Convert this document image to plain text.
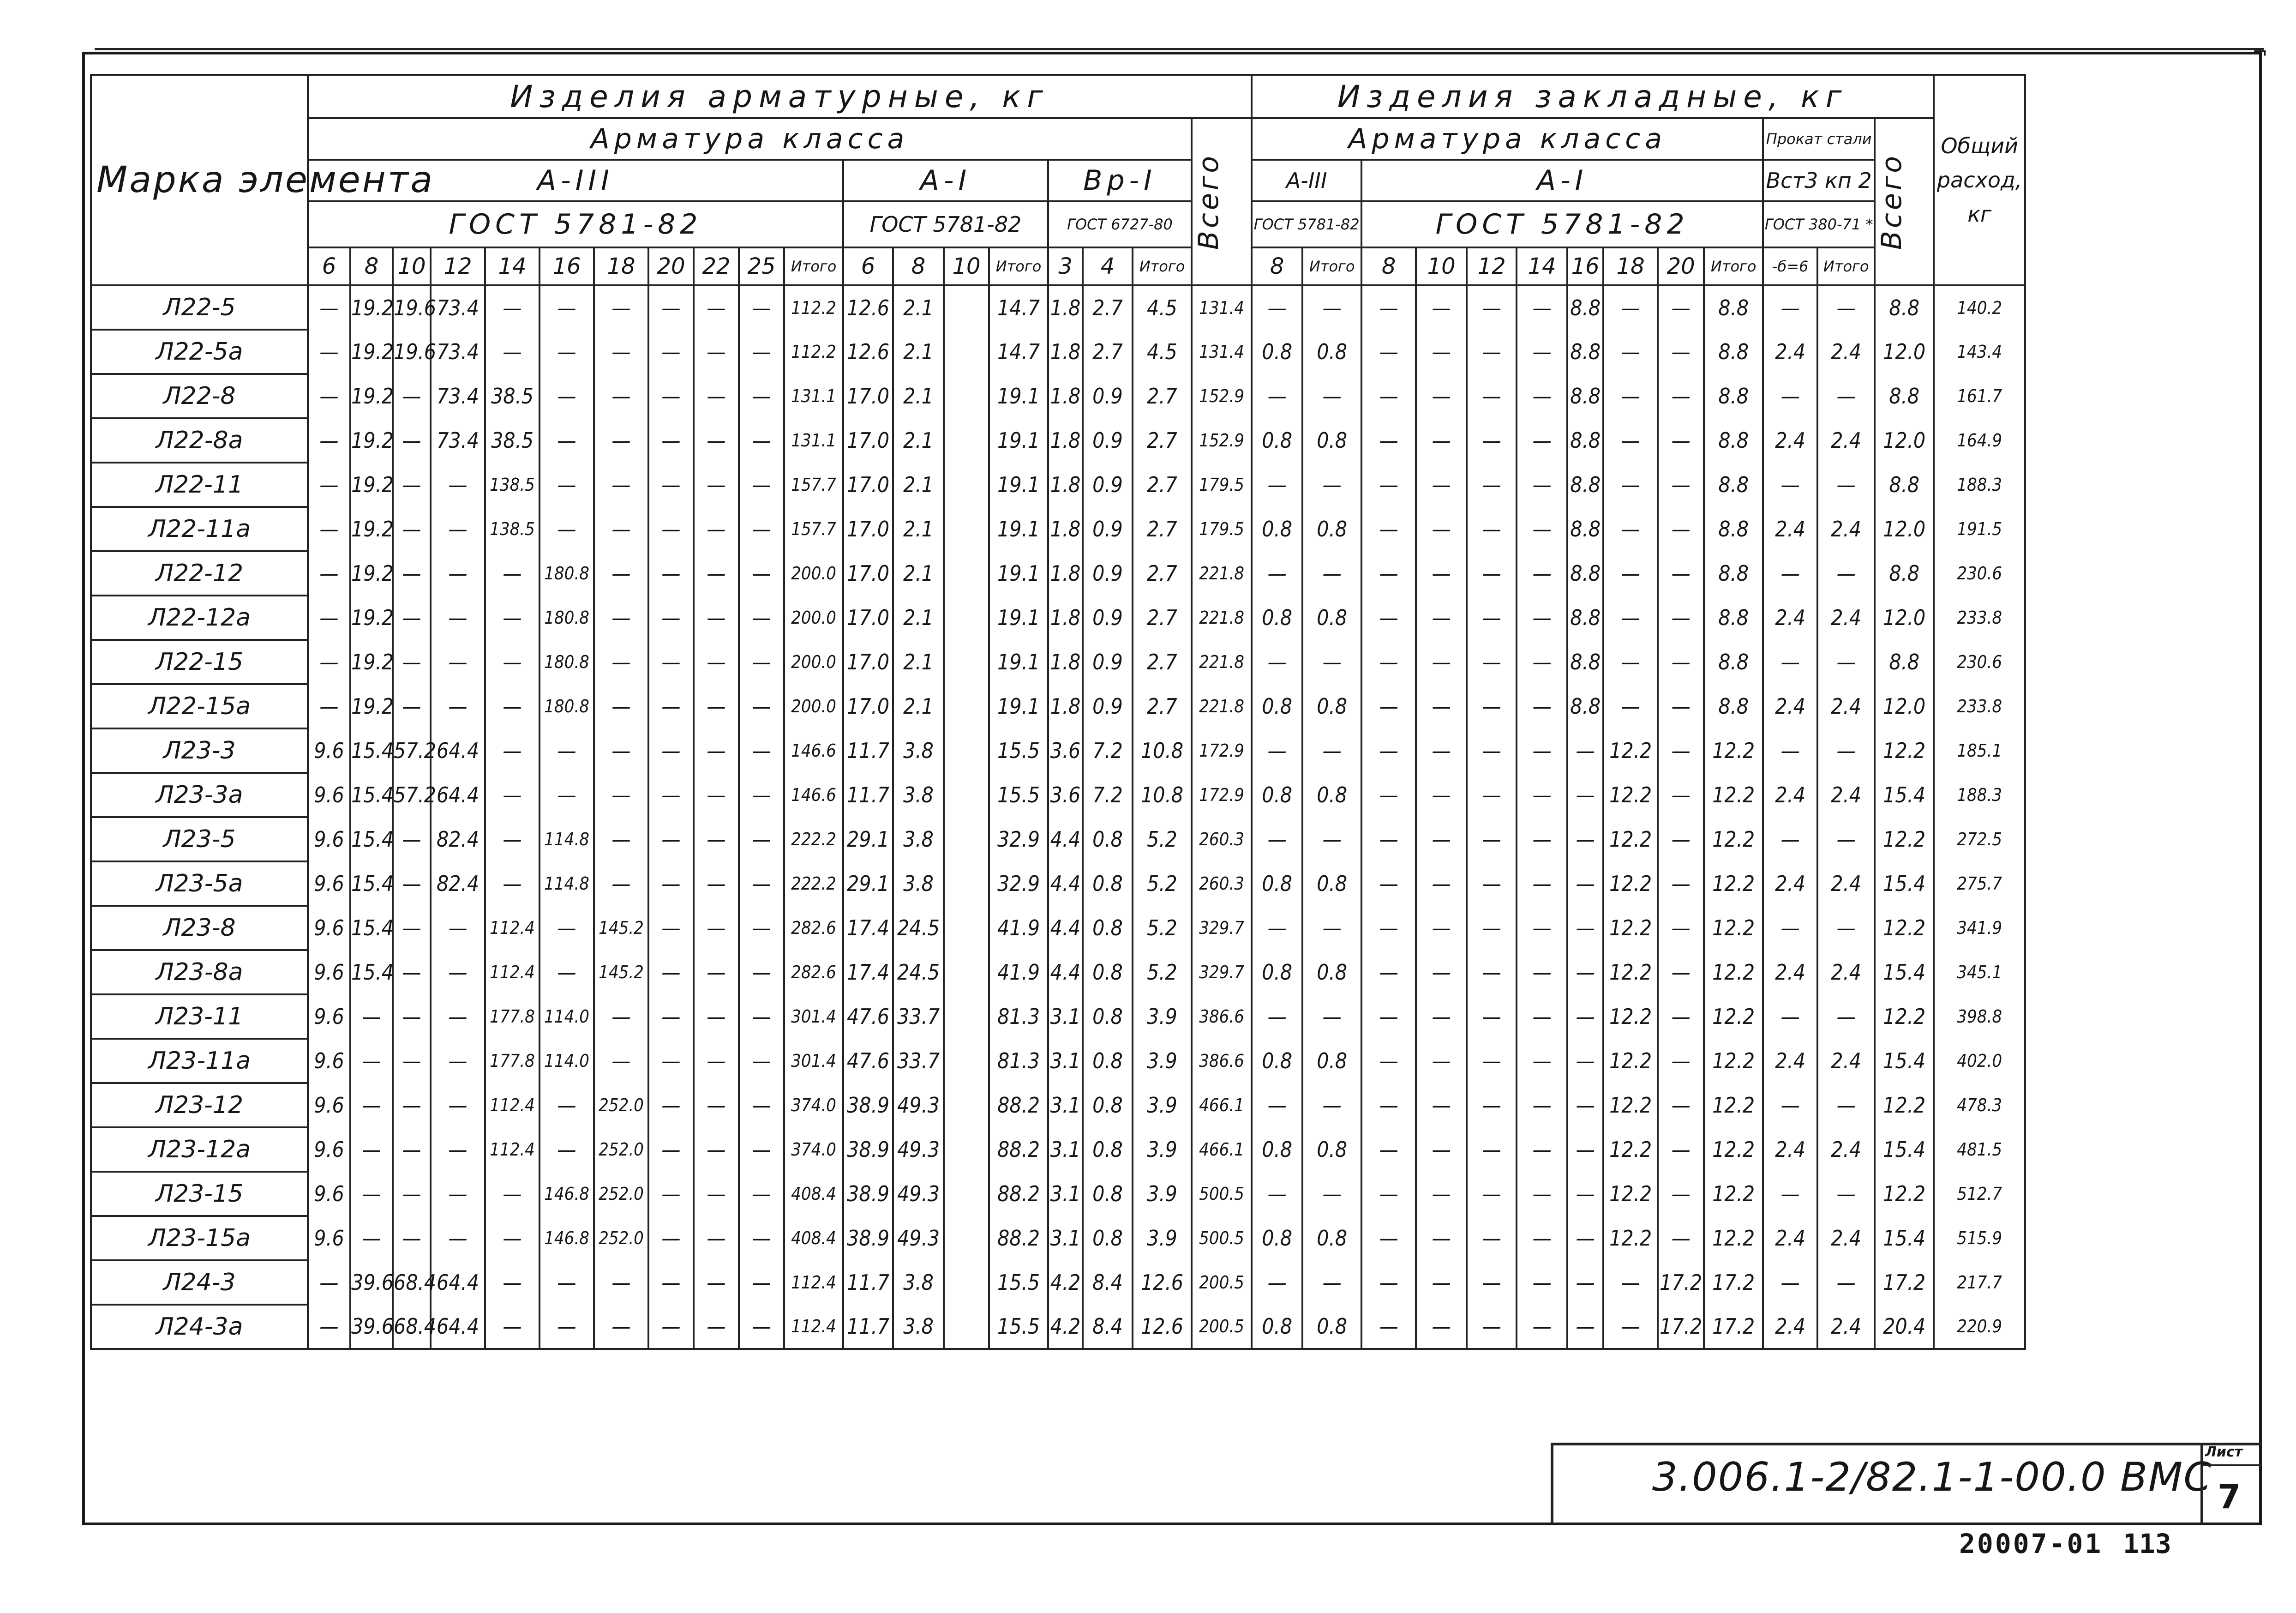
¬
Марка элемента	Изделия арматурные, кг																			Изделия закладные, кг													Общий расход, кг

	Арматура класса																		Всего	Арматура класса										Прокат стали		Всего	

	А-III											А-I				Вр-I				А-III		А-I								Вст3 кп 2			
	ГОСТ 5781-82											ГОСТ 5781-82				ГОСТ 6727-80				ГОСТ 5781-82		ГОСТ 5781-82								ГОСТ 380-71 *			
	6	8	10	12	14	16	18	20	22	25	Итого	6	8	10	Итого	3	4	Итого		8	Итого	8	10	12	14	16	18	20	Итого	-б=6	Итого		
Л22-5	—	19.2	19.6	73.4	—	—	—	—	—	—	112.2	12.6	2.1		14.7	1.8	2.7	4.5	131.4	—	—	—	—	—	—	8.8	—	—	8.8	—	—	8.8	140.2
Л22-5а	—	19.2	19.6	73.4	—	—	—	—	—	—	112.2	12.6	2.1		14.7	1.8	2.7	4.5	131.4	0.8	0.8	—	—	—	—	8.8	—	—	8.8	2.4	2.4	12.0	143.4
Л22-8	—	19.2	—	73.4	38.5	—	—	—	—	—	131.1	17.0	2.1		19.1	1.8	0.9	2.7	152.9	—	—	—	—	—	—	8.8	—	—	8.8	—	—	8.8	161.7
Л22-8а	—	19.2	—	73.4	38.5	—	—	—	—	—	131.1	17.0	2.1		19.1	1.8	0.9	2.7	152.9	0.8	0.8	—	—	—	—	8.8	—	—	8.8	2.4	2.4	12.0	164.9
Л22-11	—	19.2	—	—	138.5	—	—	—	—	—	157.7	17.0	2.1		19.1	1.8	0.9	2.7	179.5	—	—	—	—	—	—	8.8	—	—	8.8	—	—	8.8	188.3
Л22-11а	—	19.2	—	—	138.5	—	—	—	—	—	157.7	17.0	2.1		19.1	1.8	0.9	2.7	179.5	0.8	0.8	—	—	—	—	8.8	—	—	8.8	2.4	2.4	12.0	191.5
Л22-12	—	19.2	—	—	—	180.8	—	—	—	—	200.0	17.0	2.1		19.1	1.8	0.9	2.7	221.8	—	—	—	—	—	—	8.8	—	—	8.8	—	—	8.8	230.6
Л22-12а	—	19.2	—	—	—	180.8	—	—	—	—	200.0	17.0	2.1		19.1	1.8	0.9	2.7	221.8	0.8	0.8	—	—	—	—	8.8	—	—	8.8	2.4	2.4	12.0	233.8
Л22-15	—	19.2	—	—	—	180.8	—	—	—	—	200.0	17.0	2.1		19.1	1.8	0.9	2.7	221.8	—	—	—	—	—	—	8.8	—	—	8.8	—	—	8.8	230.6
Л22-15а	—	19.2	—	—	—	180.8	—	—	—	—	200.0	17.0	2.1		19.1	1.8	0.9	2.7	221.8	0.8	0.8	—	—	—	—	8.8	—	—	8.8	2.4	2.4	12.0	233.8
Л23-3	9.6	15.4	57.2	64.4	—	—	—	—	—	—	146.6	11.7	3.8		15.5	3.6	7.2	10.8	172.9	—	—	—	—	—	—	—	12.2	—	12.2	—	—	12.2	185.1
Л23-3а	9.6	15.4	57.2	64.4	—	—	—	—	—	—	146.6	11.7	3.8		15.5	3.6	7.2	10.8	172.9	0.8	0.8	—	—	—	—	—	12.2	—	12.2	2.4	2.4	15.4	188.3
Л23-5	9.6	15.4	—	82.4	—	114.8	—	—	—	—	222.2	29.1	3.8		32.9	4.4	0.8	5.2	260.3	—	—	—	—	—	—	—	12.2	—	12.2	—	—	12.2	272.5
Л23-5а	9.6	15.4	—	82.4	—	114.8	—	—	—	—	222.2	29.1	3.8		32.9	4.4	0.8	5.2	260.3	0.8	0.8	—	—	—	—	—	12.2	—	12.2	2.4	2.4	15.4	275.7
Л23-8	9.6	15.4	—	—	112.4	—	145.2	—	—	—	282.6	17.4	24.5		41.9	4.4	0.8	5.2	329.7	—	—	—	—	—	—	—	12.2	—	12.2	—	—	12.2	341.9
Л23-8а	9.6	15.4	—	—	112.4	—	145.2	—	—	—	282.6	17.4	24.5		41.9	4.4	0.8	5.2	329.7	0.8	0.8	—	—	—	—	—	12.2	—	12.2	2.4	2.4	15.4	345.1
Л23-11	9.6	—	—	—	177.8	114.0	—	—	—	—	301.4	47.6	33.7		81.3	3.1	0.8	3.9	386.6	—	—	—	—	—	—	—	12.2	—	12.2	—	—	12.2	398.8
Л23-11а	9.6	—	—	—	177.8	114.0	—	—	—	—	301.4	47.6	33.7		81.3	3.1	0.8	3.9	386.6	0.8	0.8	—	—	—	—	—	12.2	—	12.2	2.4	2.4	15.4	402.0
Л23-12	9.6	—	—	—	112.4	—	252.0	—	—	—	374.0	38.9	49.3		88.2	3.1	0.8	3.9	466.1	—	—	—	—	—	—	—	12.2	—	12.2	—	—	12.2	478.3
Л23-12а	9.6	—	—	—	112.4	—	252.0	—	—	—	374.0	38.9	49.3		88.2	3.1	0.8	3.9	466.1	0.8	0.8	—	—	—	—	—	12.2	—	12.2	2.4	2.4	15.4	481.5
Л23-15	9.6	—	—	—	—	146.8	252.0	—	—	—	408.4	38.9	49.3		88.2	3.1	0.8	3.9	500.5	—	—	—	—	—	—	—	12.2	—	12.2	—	—	12.2	512.7
Л23-15а	9.6	—	—	—	—	146.8	252.0	—	—	—	408.4	38.9	49.3		88.2	3.1	0.8	3.9	500.5	0.8	0.8	—	—	—	—	—	12.2	—	12.2	2.4	2.4	15.4	515.9
Л24-3	—	39.6	68.4	64.4	—	—	—	—	—	—	112.4	11.7	3.8		15.5	4.2	8.4	12.6	200.5	—	—	—	—	—	—	—	—	17.2	17.2	—	—	17.2	217.7
Л24-3а	—	39.6	68.4	64.4	—	—	—	—	—	—	112.4	11.7	3.8		15.5	4.2	8.4	12.6	200.5	0.8	0.8	—	—	—	—	—	—	17.2	17.2	2.4	2.4	20.4	220.9

3.006.1-2/82.1-1-00.0 ВМС
Лист
7
20007-01 113
